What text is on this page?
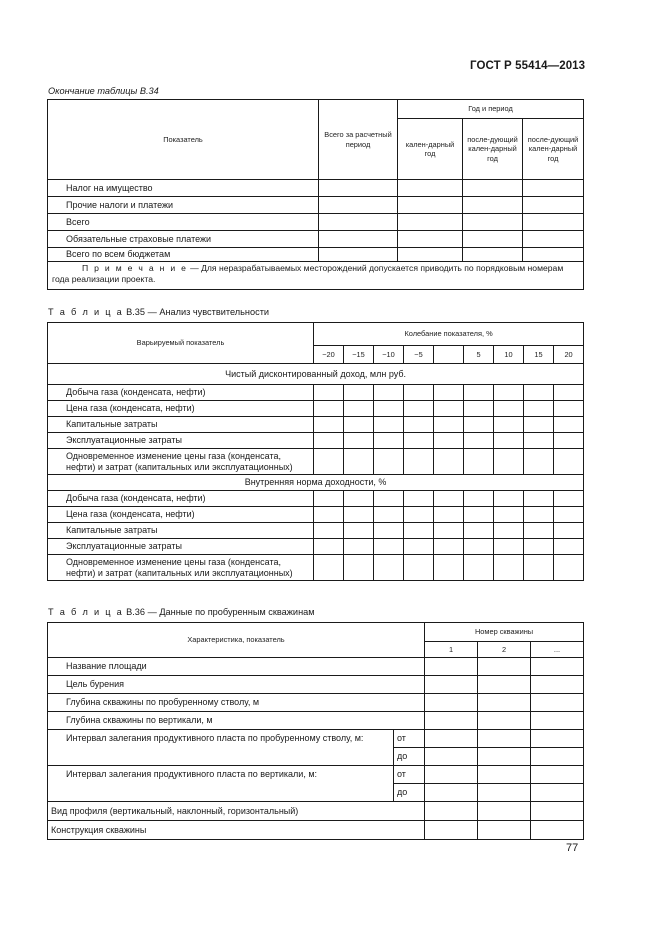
ГОСТ Р 55414—2013
Окончание таблицы В.34
Показатель	Всего за расчетный период	Год и период		
		кален-дарный год	после-дующий кален-дарный год	после-дующий кален-дарный год
Налог на имущество				
Прочие налоги и платежи				
Всего				
Обязательные страховые платежи				
Всего по всем бюджетам				
П р и м е ч а н и е — Для неразрабатываемых месторождений допускается приводить по порядковым номерам года реализации проекта.				
Т а б л и ц а В.35 — Анализ чувствительности
Варьируемый показатель	Колебание показателя, %								
	−20	−15	−10	−5		5	10	15	20
Чистый дисконтированный доход, млн руб.									
Добыча газа (конденсата, нефти)									
Цена газа (конденсата, нефти)									
Капитальные затраты									
Эксплуатационные затраты									
Одновременное изменение цены газа (конденсата, нефти) и затрат (капитальных или эксплуатационных)									
Внутренняя норма доходности, %									
Добыча газа (конденсата, нефти)									
Цена газа (конденсата, нефти)									
Капитальные затраты									
Эксплуатационные затраты									
Одновременное изменение цены газа (конденсата, нефти) и затрат (капитальных или эксплуатационных)									
Т а б л и ц а В.36 — Данные по пробуренным скважинам
Характеристика, показатель		Номер скважины		
		1	2	...
Название площади				
Цель бурения				
Глубина скважины по пробуренному стволу, м				
Глубина скважины по вертикали, м				
Интервал залегания продуктивного пласта по пробуренному стволу, м:	от			
	до			
Интервал залегания продуктивного пласта по вертикали, м:	от			
	до			
Вид профиля (вертикальный, наклонный, горизонтальный)				
Конструкция скважины				
77
